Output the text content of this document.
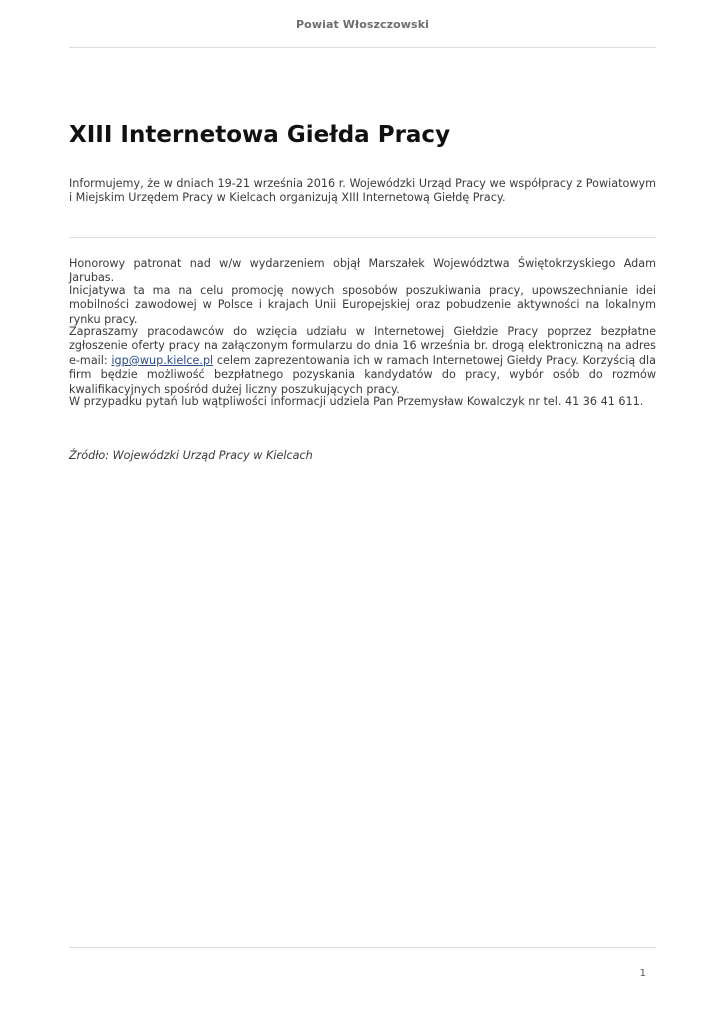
Powiat Włoszczowski
XIII Internetowa Giełda Pracy

Informujemy, że w dniach 19-21 września 2016 r. Wojewódzki Urząd Pracy we współpracy z Powiatowym i Miejskim Urzędem Pracy w Kielcach organizują XIII Internetową Giełdę Pracy.

Honorowy patronat nad w/w wydarzeniem objął Marszałek Województwa Świętokrzyskiego Adam Jarubas.

Inicjatywa ta ma na celu promocję nowych sposobów poszukiwania pracy, upowszechnianie idei mobilności zawodowej w Polsce i krajach Unii Europejskiej oraz pobudzenie aktywności na lokalnym rynku pracy.

Zapraszamy pracodawców do wzięcia udziału w Internetowej Giełdzie Pracy poprzez bezpłatne zgłoszenie oferty pracy na załączonym formularzu do dnia 16 września br. drogą elektroniczną na adres e-mail: igp@wup.kielce.pl celem zaprezentowania ich w ramach Internetowej Giełdy Pracy. Korzyścią dla firm będzie możliwość bezpłatnego pozyskania kandydatów do pracy, wybór osób do rozmów kwalifikacyjnych spośród dużej liczny poszukujących pracy.

W przypadku pytań lub wątpliwości informacji udziela Pan Przemysław Kowalczyk nr tel. 41 36 41 611.

Źródło: Wojewódzki Urząd Pracy w Kielcach

1
